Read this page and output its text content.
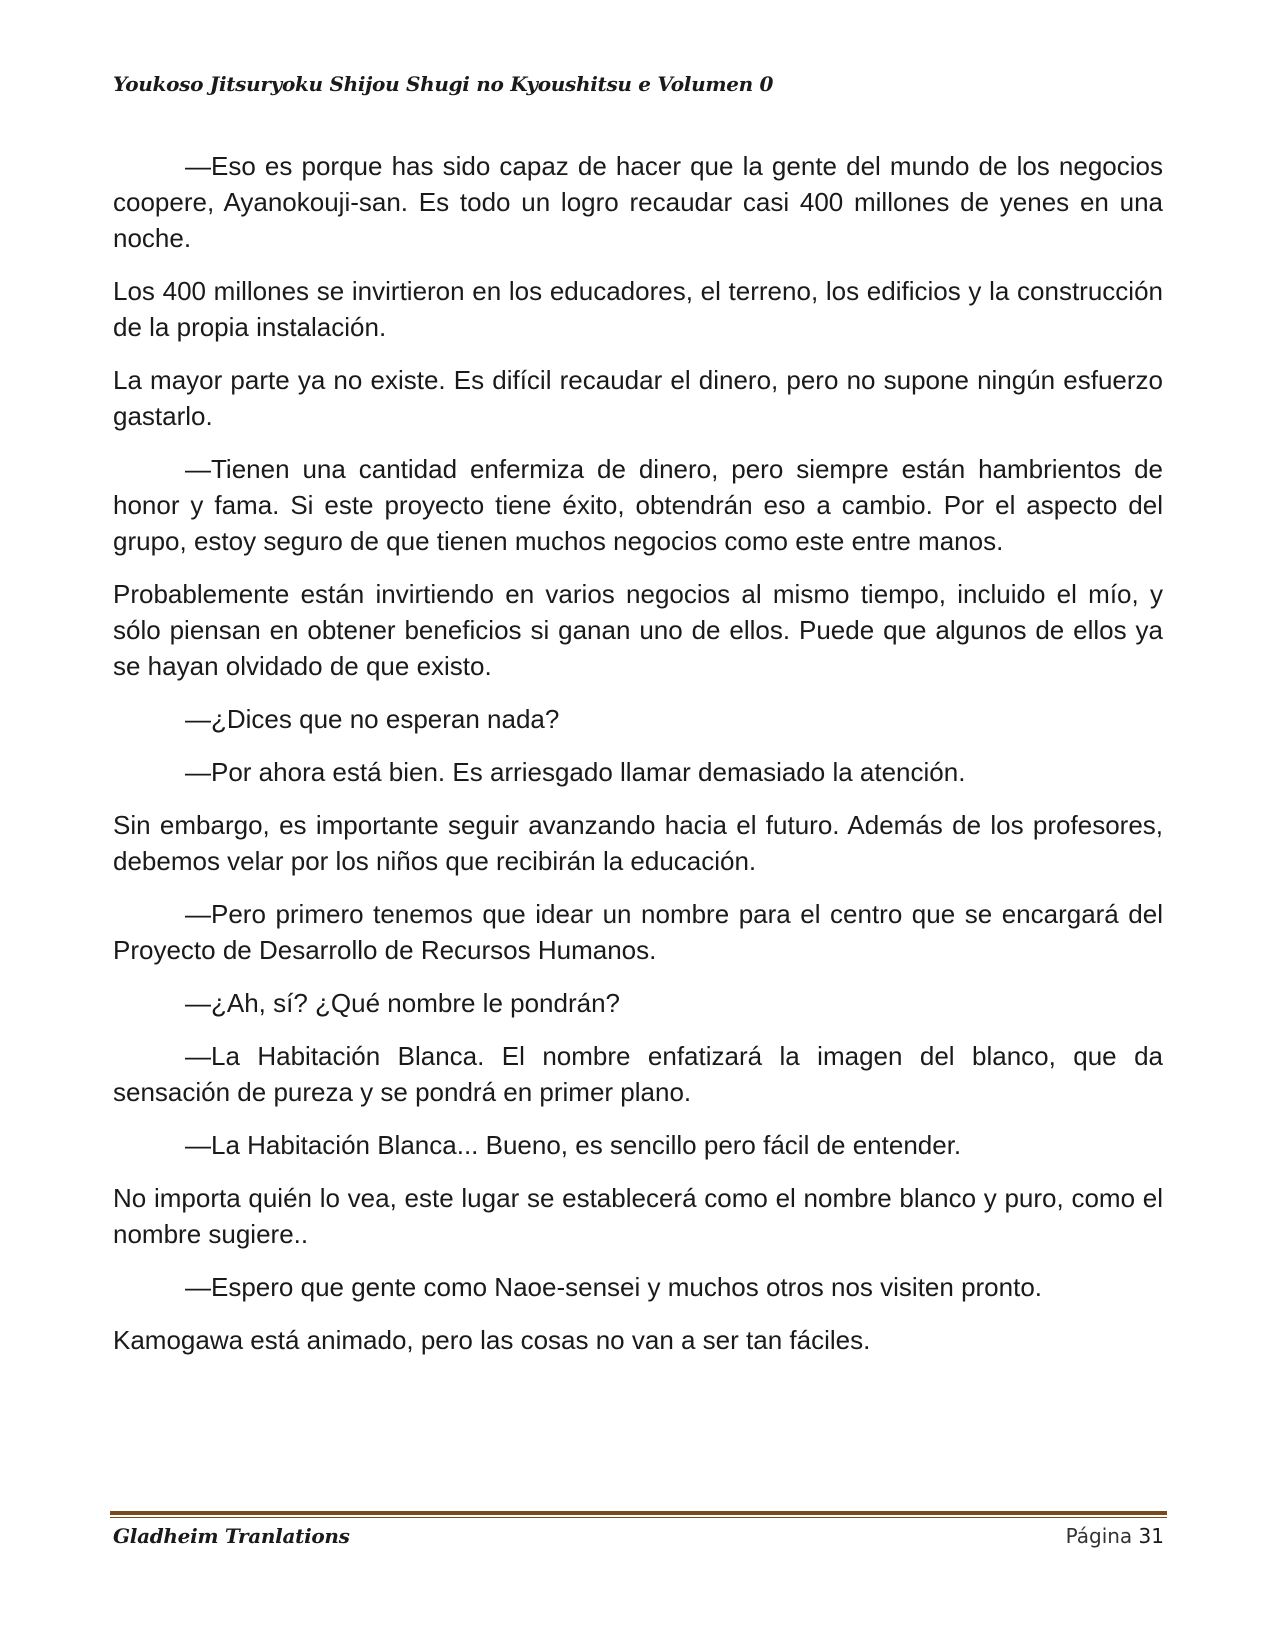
Youkoso Jitsuryoku Shijou Shugi no Kyoushitsu e Volumen 0

—Eso es porque has sido capaz de hacer que la gente del mundo de los negocios coopere, Ayanokouji-san. Es todo un logro recaudar casi 400 millones de yenes en una noche.

Los 400 millones se invirtieron en los educadores, el terreno, los edificios y la construcción de la propia instalación.

La mayor parte ya no existe. Es difícil recaudar el dinero, pero no supone ningún esfuerzo gastarlo.

—Tienen una cantidad enfermiza de dinero, pero siempre están hambrientos de honor y fama. Si este proyecto tiene éxito, obtendrán eso a cambio. Por el aspecto del grupo, estoy seguro de que tienen muchos negocios como este entre manos.

Probablemente están invirtiendo en varios negocios al mismo tiempo, incluido el mío, y sólo piensan en obtener beneficios si ganan uno de ellos. Puede que algunos de ellos ya se hayan olvidado de que existo.

—¿Dices que no esperan nada?

—Por ahora está bien. Es arriesgado llamar demasiado la atención.

Sin embargo, es importante seguir avanzando hacia el futuro. Además de los profesores, debemos velar por los niños que recibirán la educación.

—Pero primero tenemos que idear un nombre para el centro que se encargará del Proyecto de Desarrollo de Recursos Humanos.

—¿Ah, sí? ¿Qué nombre le pondrán?

—La Habitación Blanca. El nombre enfatizará la imagen del blanco, que da sensación de pureza y se pondrá en primer plano.

—La Habitación Blanca... Bueno, es sencillo pero fácil de entender.

No importa quién lo vea, este lugar se establecerá como el nombre blanco y puro, como el nombre sugiere..

—Espero que gente como Naoe-sensei y muchos otros nos visiten pronto.

Kamogawa está animado, pero las cosas no van a ser tan fáciles.

Gladheim Tranlations	Página 31
